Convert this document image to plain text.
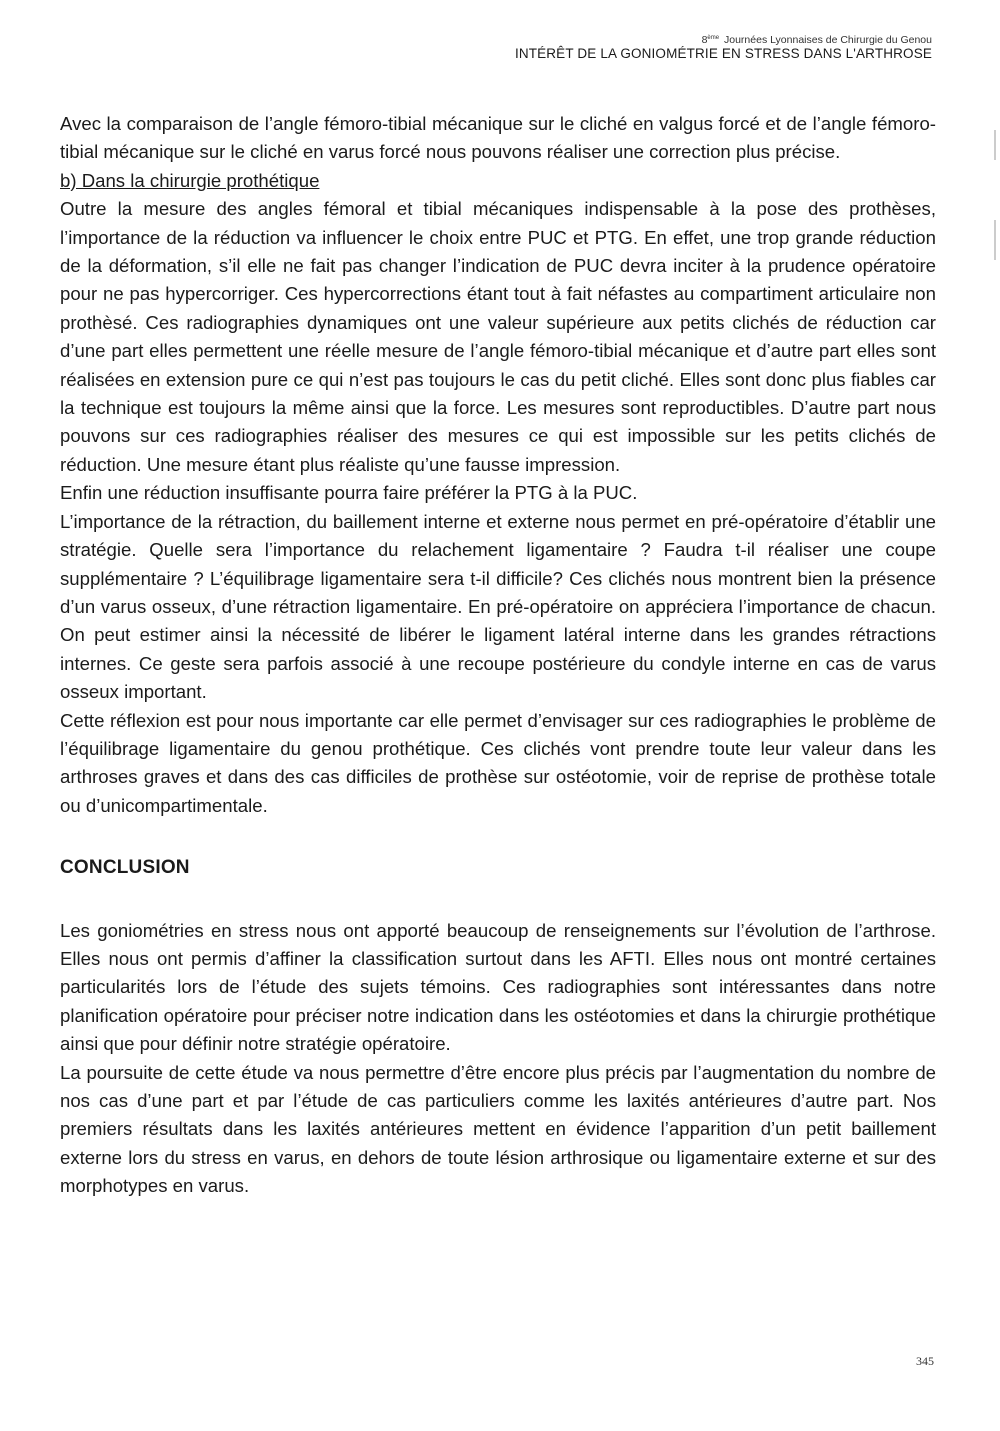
8ème Journées Lyonnaises de Chirurgie du Genou
INTÉRÊT DE LA GONIOMÉTRIE EN STRESS DANS L'ARTHROSE

Avec la comparaison de l’angle fémoro-tibial mécanique sur le cliché en valgus forcé et de l’angle fémoro-tibial mécanique sur le cliché en varus forcé nous pouvons réaliser une correction plus précise.

b) Dans la chirurgie prothétique

Outre la mesure des angles fémoral et tibial mécaniques indispensable à la pose des prothèses, l’importance de la réduction va influencer le choix entre PUC et PTG. En effet, une trop grande réduction de la déformation, s’il elle ne fait pas changer l’indication de PUC devra inciter à la prudence opératoire pour ne pas hypercorriger. Ces hypercorrections étant tout à fait néfastes au compartiment articulaire non prothèsé. Ces radiographies dynamiques ont une valeur supérieure aux petits clichés de réduction car d’une part elles permettent une réelle mesure de l’angle fémoro-tibial mécanique et d’autre part elles sont réalisées en extension pure ce qui n’est pas toujours le cas du petit cliché. Elles sont donc plus fiables car la technique est toujours la même ainsi que la force. Les mesures sont reproductibles. D’autre part nous pouvons sur ces radiographies réaliser des mesures ce qui est impossible sur les petits clichés de réduction. Une mesure étant plus réaliste qu’une fausse impression.

Enfin une réduction insuffisante pourra faire préférer la PTG à la PUC.

L’importance de la rétraction, du baillement interne et externe nous permet en pré-opératoire d’établir une stratégie. Quelle sera l’importance du relachement ligamentaire ? Faudra t-il réaliser une coupe supplémentaire ? L’équilibrage ligamentaire sera t-il difficile? Ces clichés nous montrent bien la présence d’un varus osseux, d’une rétraction ligamentaire. En pré-opératoire on appréciera l’importance de chacun. On peut estimer ainsi la nécessité de libérer le ligament latéral interne dans les grandes rétractions internes. Ce geste sera parfois associé à une recoupe postérieure du condyle interne en cas de varus osseux important.

Cette réflexion est pour nous importante car elle permet d’envisager sur ces radiographies le problème de l’équilibrage ligamentaire du genou prothétique. Ces clichés vont prendre toute leur valeur dans les arthroses graves et dans des cas difficiles de prothèse sur ostéotomie, voir de reprise de prothèse totale ou d’unicompartimentale.

CONCLUSION

Les goniométries en stress nous ont apporté beaucoup de renseignements sur l’évolution de l’arthrose. Elles nous ont permis d’affiner la classification surtout dans les AFTI. Elles nous ont montré certaines particularités lors de l’étude des sujets témoins. Ces radiographies sont intéressantes dans notre planification opératoire pour préciser notre indication dans les ostéotomies et dans la chirurgie prothétique ainsi que pour définir notre stratégie opératoire.

La poursuite de cette étude va nous permettre d’être encore plus précis par l’augmentation du nombre de nos cas d’une part et par l’étude de cas particuliers comme les laxités antérieures d’autre part. Nos premiers résultats dans les laxités antérieures mettent en évidence l’apparition d’un petit baillement externe lors du stress en varus, en dehors de toute lésion arthrosique ou ligamentaire externe et sur des morphotypes en varus.

345
